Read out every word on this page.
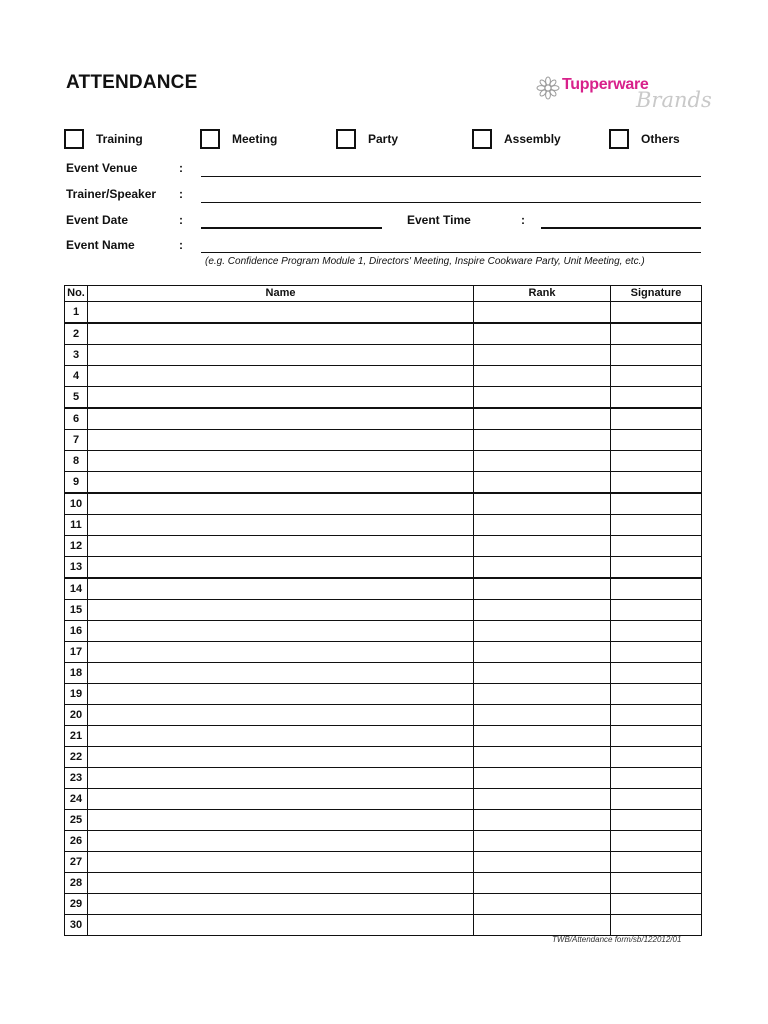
ATTENDANCE	Tupperware
Brands
Training	Meeting	Party	Assembly	Others
Event Venue	:
Trainer/Speaker :
Event Date	:	Event Time	:
Event Name	:
(e.g. Confidence Program Module 1, Directors' Meeting, Inspire Cookware Party, Unit Meeting, etc.)
No.	Name	Rank	Signature
1			
2			
3			
4			
5			
6			
7			
8			
9			
10			
11			
12			
13			
14			
15			
16			
17			
18			
19			
20			
21			
22			
23			
24			
25			
26			
27			
28			
29			
30			
TWB/Attendance form/sb/122012/01
